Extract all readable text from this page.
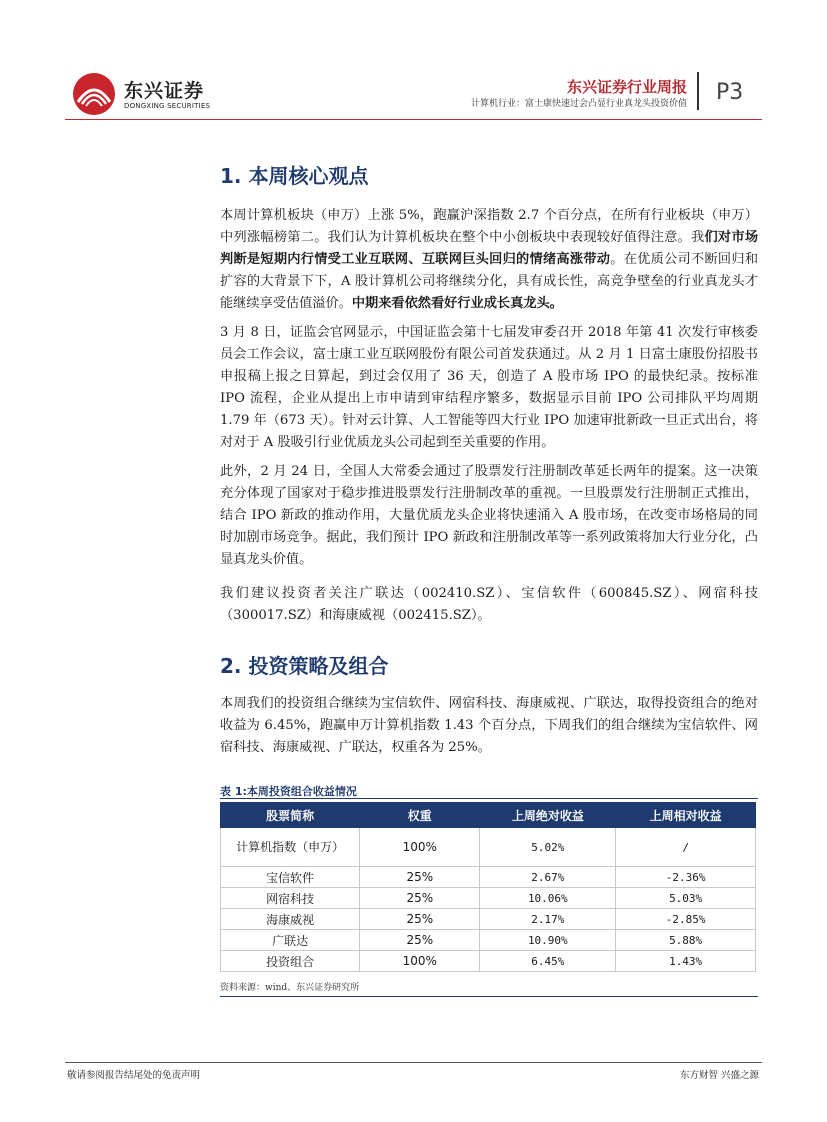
东兴证券
DONGXING SECURITIES
东兴证券行业周报
计算机行业：富士康快速过会凸显行业真龙头投资价值 P3
1. 本周核心观点

本周计算机板块（申万）上涨 5%，跑赢沪深指数 2.7 个百分点，在所有行业板块（申万）中列涨幅榜第二。我们认为计算机板块在整个中小创板块中表现较好值得注意。我们对市场判断是短期内行情受工业互联网、互联网巨头回归的情绪高涨带动。在优质公司不断回归和扩容的大背景下下，A 股计算机公司将继续分化，具有成长性，高竞争壁垒的行业真龙头才能继续享受估值溢价。中期来看依然看好行业成长真龙头。

3 月 8 日，证监会官网显示，中国证监会第十七届发审委召开 2018 年第 41 次发行审核委员会工作会议，富士康工业互联网股份有限公司首发获通过。从 2 月 1 日富士康股份招股书申报稿上报之日算起，到过会仅用了 36 天，创造了 A 股市场 IPO 的最快纪录。按标准 IPO 流程，企业从提出上市申请到审结程序繁多，数据显示目前 IPO 公司排队平均周期 1.79 年（673 天）。针对云计算、人工智能等四大行业 IPO 加速审批新政一旦正式出台，将对对于 A 股吸引行业优质龙头公司起到至关重要的作用。

此外，2 月 24 日，全国人大常委会通过了股票发行注册制改革延长两年的提案。这一决策充分体现了国家对于稳步推进股票发行注册制改革的重视。一旦股票发行注册制正式推出，结合 IPO 新政的推动作用，大量优质龙头企业将快速涌入 A 股市场，在改变市场格局的同时加剧市场竞争。据此，我们预计 IPO 新政和注册制改革等一系列政策将加大行业分化，凸显真龙头价值。

我们建议投资者关注广联达（002410.SZ）、宝信软件（600845.SZ）、网宿科技（300017.SZ）和海康威视（002415.SZ）。

2. 投资策略及组合

本周我们的投资组合继续为宝信软件、网宿科技、海康威视、广联达，取得投资组合的绝对收益为 6.45%，跑赢申万计算机指数 1.43 个百分点，下周我们的组合继续为宝信软件、网宿科技、海康威视、广联达，权重各为 25%。

表 1:本周投资组合收益情况
股票简称	权重	上周绝对收益	上周相对收益
计算机指数（申万）	100%	5.02%	/
宝信软件	25%	2.67%	-2.36%
网宿科技	25%	10.06%	5.03%
海康威视	25%	2.17%	-2.85%
广联达	25%	10.90%	5.88%
投资组合	100%	6.45%	1.43%
资料来源：wind、东兴证券研究所
敬请参阅报告结尾处的免责声明	东方财智 兴盛之源
